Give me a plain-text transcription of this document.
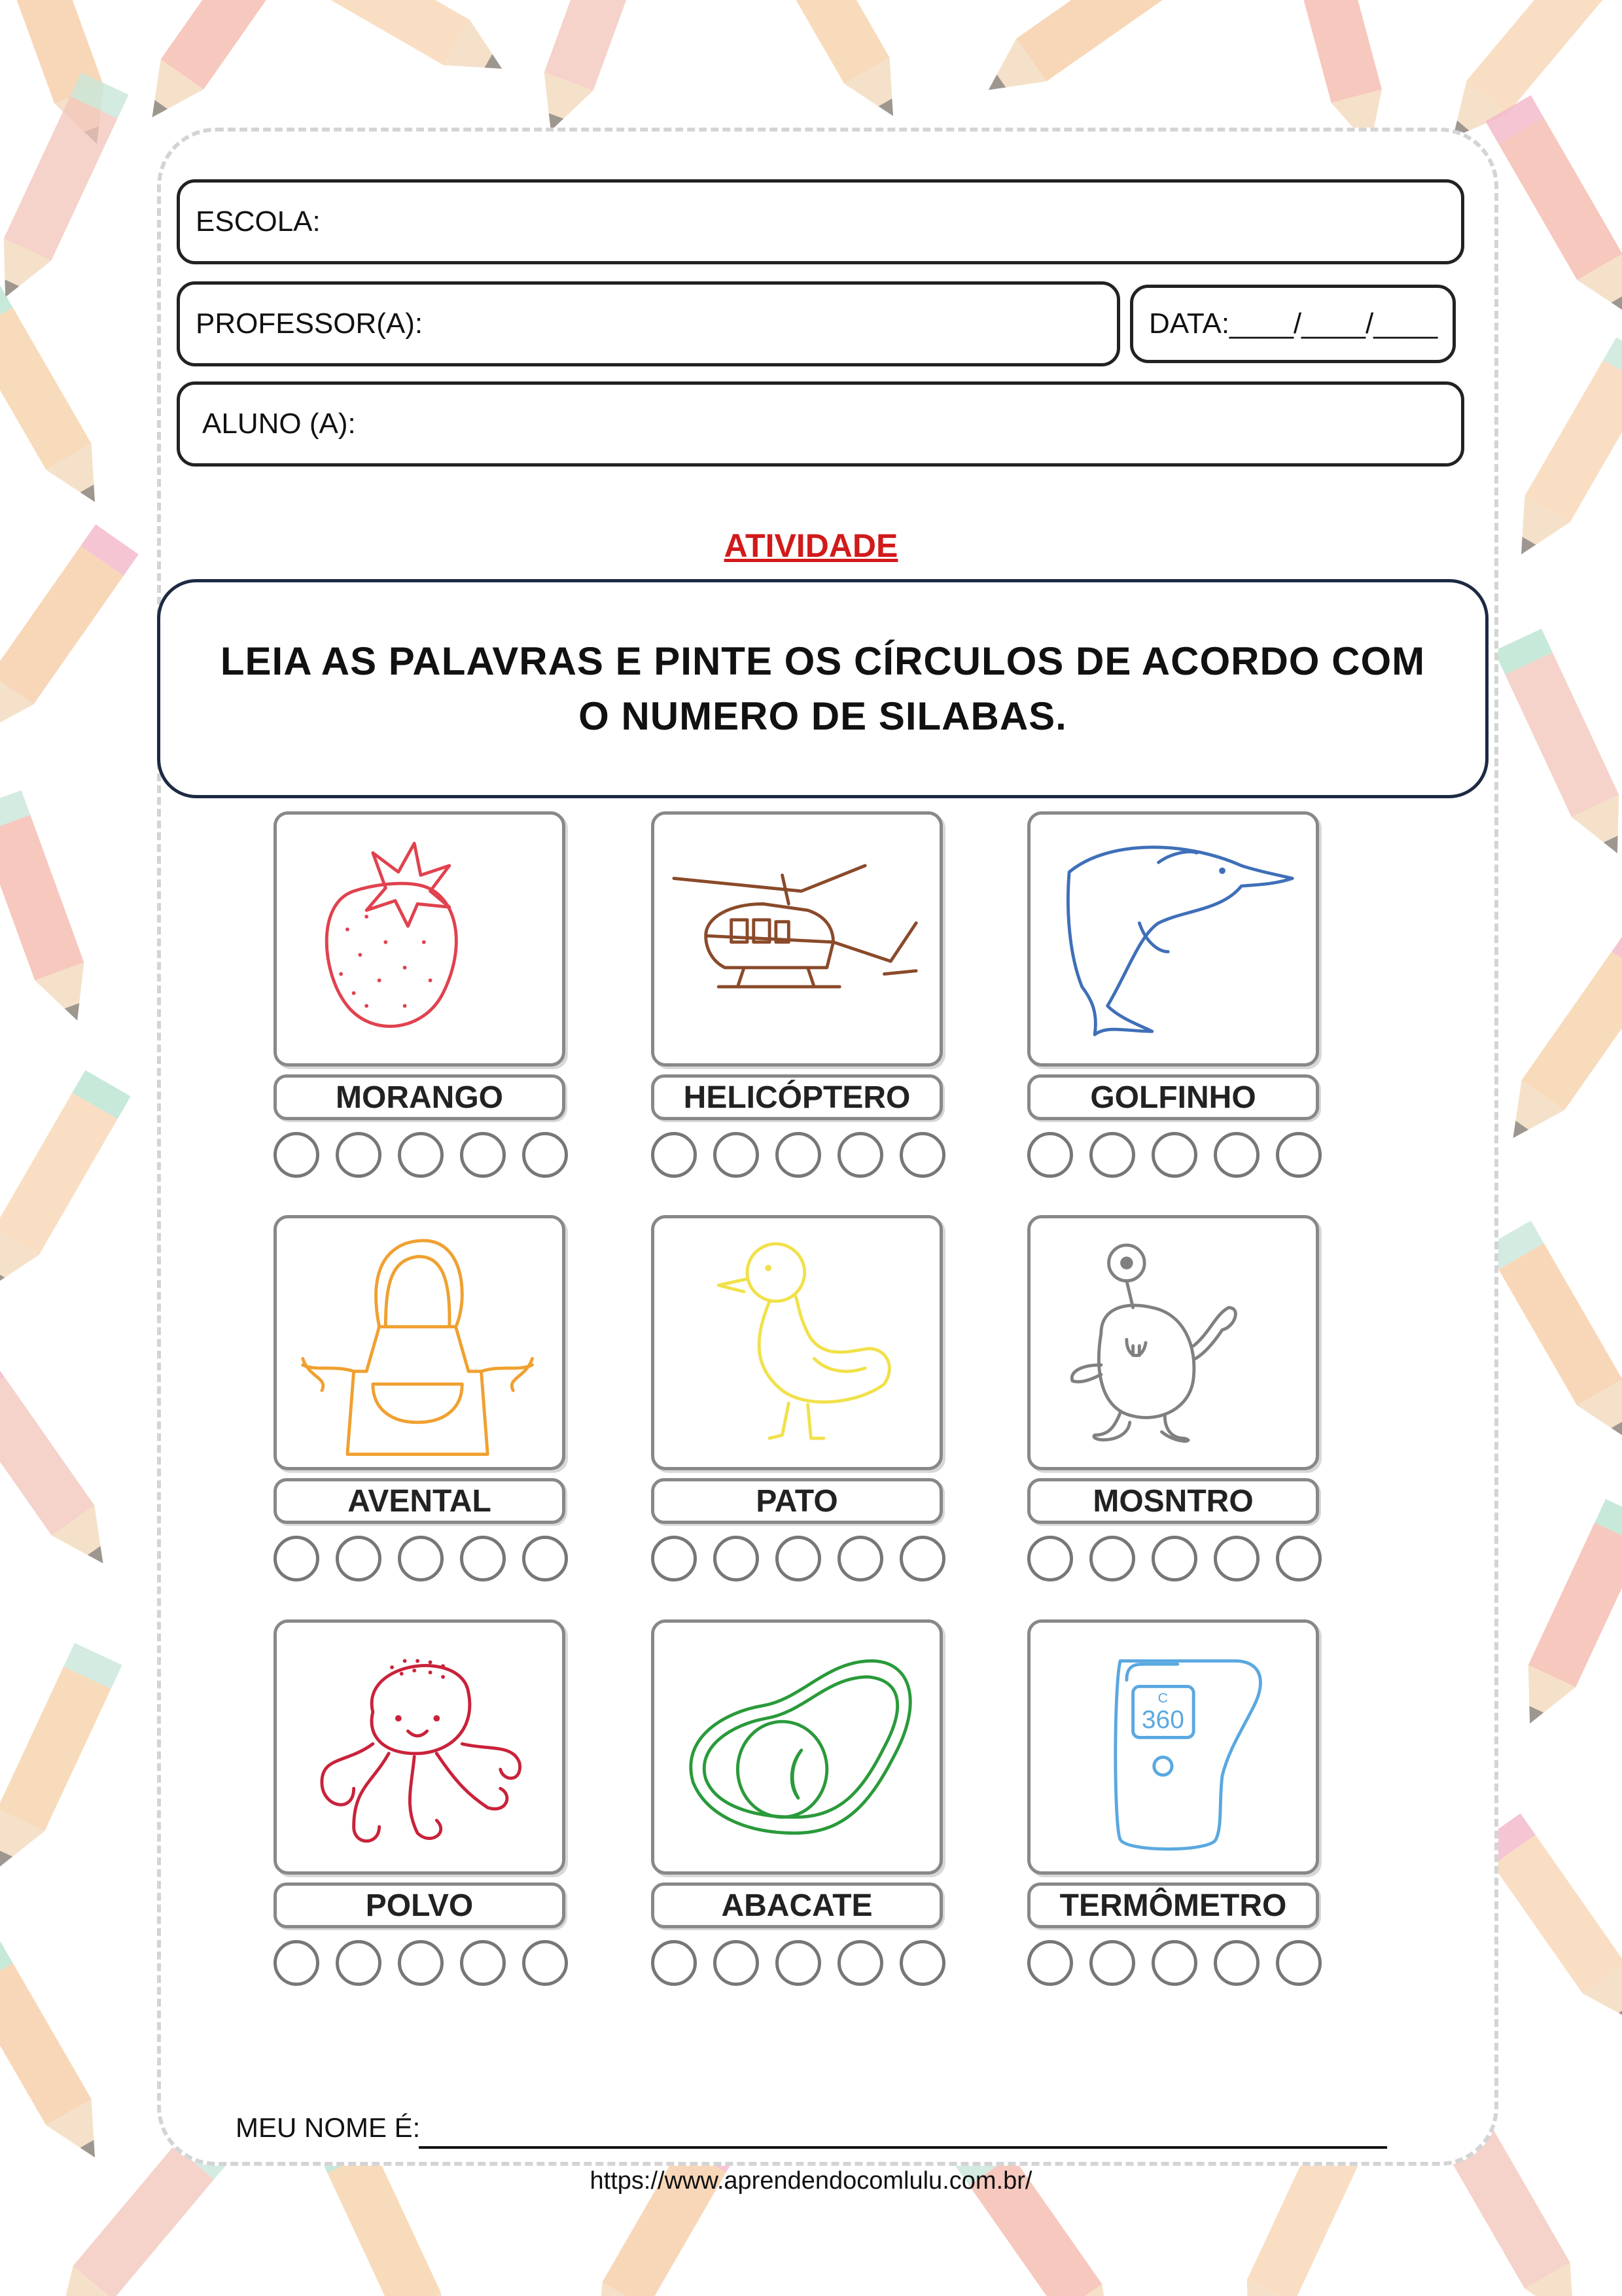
ESCOLA:
PROFESSOR(A):	DATA:____/____/____
ALUNO (A):
ATIVIDADE
LEIA AS PALAVRAS E PINTE OS CÍRCULOS DE ACORDO COM
O NUMERO DE SILABAS.
MORANGO	HELICÓPTERO	GOLFINHO
AVENTAL	PATO	MOSNTRO
POLVO	ABACATE
C
360
TERMÔMETRO
MEU NOME É:
https://www.aprendendocomlulu.com.br/
